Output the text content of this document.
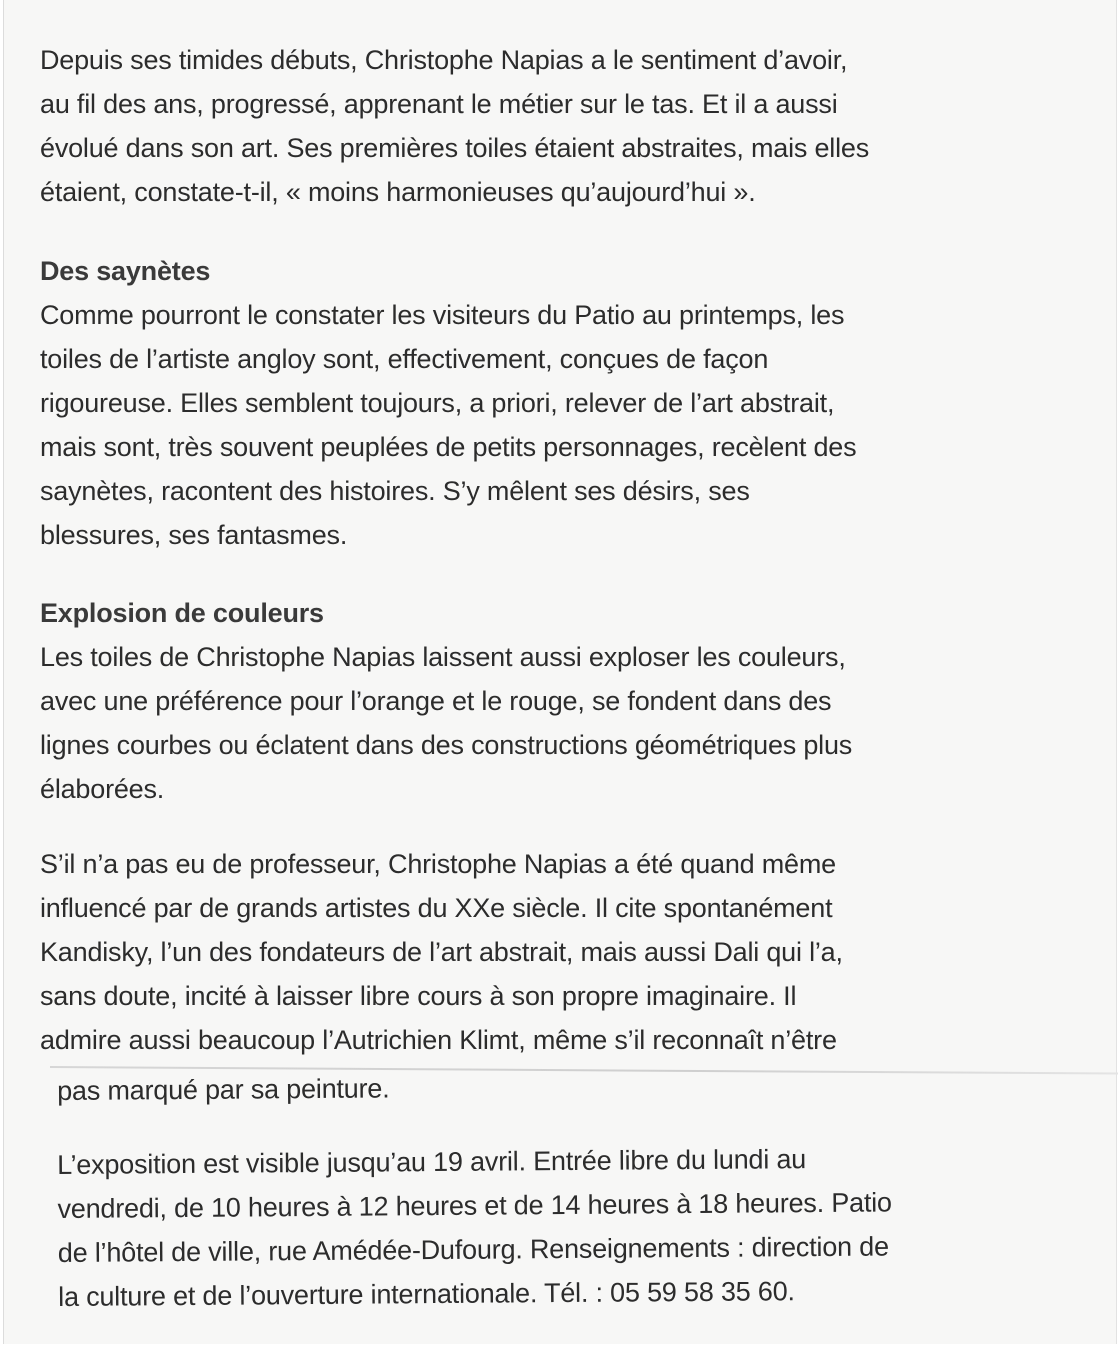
Depuis ses timides débuts, Christophe Napias a le sentiment d’avoir,
au fil des ans, progressé, apprenant le métier sur le tas. Et il a aussi
évolué dans son art. Ses premières toiles étaient abstraites, mais elles
étaient, constate-t-il, « moins harmonieuses qu’aujourd’hui ».
Des saynètes
Comme pourront le constater les visiteurs du Patio au printemps, les
toiles de l’artiste angloy sont, effectivement, conçues de façon
rigoureuse. Elles semblent toujours, a priori, relever de l’art abstrait,
mais sont, très souvent peuplées de petits personnages, recèlent des
saynètes, racontent des histoires. S’y mêlent ses désirs, ses
blessures, ses fantasmes.
Explosion de couleurs
Les toiles de Christophe Napias laissent aussi exploser les couleurs,
avec une préférence pour l’orange et le rouge, se fondent dans des
lignes courbes ou éclatent dans des constructions géométriques plus
élaborées.
S’il n’a pas eu de professeur, Christophe Napias a été quand même
influencé par de grands artistes du XXe siècle. Il cite spontanément
Kandisky, l’un des fondateurs de l’art abstrait, mais aussi Dali qui l’a,
sans doute, incité à laisser libre cours à son propre imaginaire. Il
admire aussi beaucoup l’Autrichien Klimt, même s’il reconnaît n’être
pas marqué par sa peinture.
L’exposition est visible jusqu’au 19 avril. Entrée libre du lundi au
vendredi, de 10 heures à 12 heures et de 14 heures à 18 heures. Patio
de l’hôtel de ville, rue Amédée-Dufourg. Renseignements : direction de
la culture et de l’ouverture internationale. Tél. : 05 59 58 35 60.
